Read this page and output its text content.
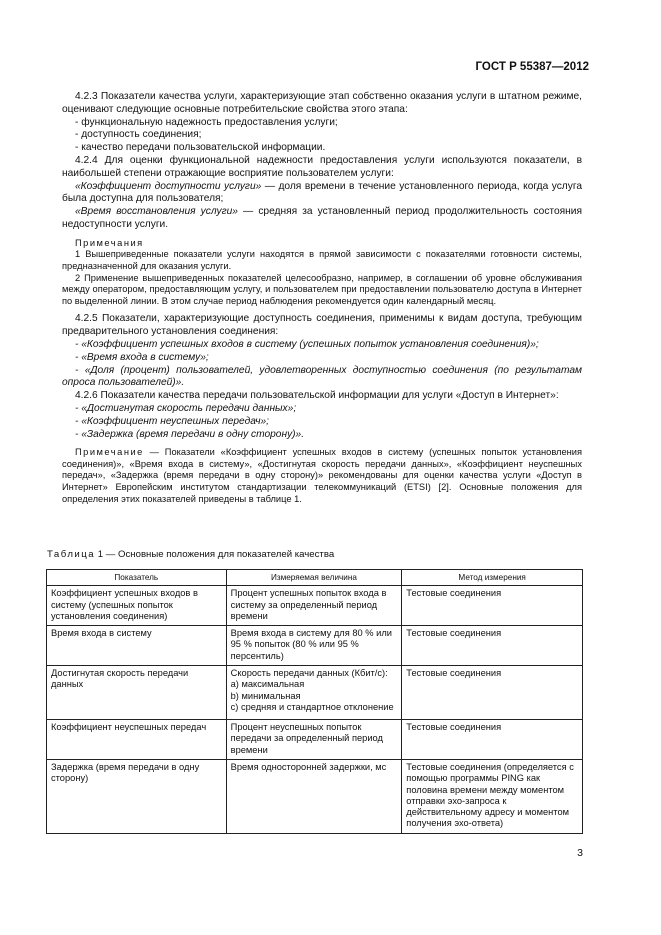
ГОСТ Р 55387—2012

4.2.3 Показатели качества услуги, характеризующие этап собственно оказания услуги в штатном режиме, оценивают следующие основные потребительские свойства этого этапа:

- функциональную надежность предоставления услуги;

- доступность соединения;

- качество передачи пользовательской информации.

4.2.4 Для оценки функциональной надежности предоставления услуги используются показатели, в наибольшей степени отражающие восприятие пользователем услуги:

«Коэффициент доступности услуги» — доля времени в течение установленного периода, когда услуга была доступна для пользователя;

«Время восстановления услуги» — средняя за установленный период продолжительность состояния недоступности услуги.

Примечания

1 Вышеприведенные показатели услуги находятся в прямой зависимости с показателями готовности системы, предназначенной для оказания услуги.

2 Применение вышеприведенных показателей целесообразно, например, в соглашении об уровне обслуживания между оператором, предоставляющим услугу, и пользователем при предоставлении пользователю доступа в Интернет по выделенной линии. В этом случае период наблюдения рекомендуется один календарный месяц.

4.2.5 Показатели, характеризующие доступность соединения, применимы к видам доступа, требующим предварительного установления соединения:

- «Коэффициент успешных входов в систему (успешных попыток установления соединения)»;

- «Время входа в систему»;

- «Доля (процент) пользователей, удовлетворенных доступностью соединения (по результатам опроса пользователей)».

4.2.6 Показатели качества передачи пользовательской информации для услуги «Доступ в Интернет»:

- «Достигнутая скорость передачи данных»;

- «Коэффициент неуспешных передач»;

- «Задержка (время передачи в одну сторону)».

Примечание — Показатели «Коэффициент успешных входов в систему (успешных попыток установления соединения)», «Время входа в систему», «Достигнутая скорость передачи данных», «Коэффициент неуспешных передач», «Задержка (время передачи в одну сторону)» рекомендованы для оценки качества услуги «Доступ в Интернет» Европейским институтом стандартизации телекоммуникаций (ETSI) [2]. Основные положения для определения этих показателей приведены в таблице 1.

Таблица 1 — Основные положения для показателей качества
Показатель	Измеряемая величина	Метод измерения
Коэффициент успешных входов в систему (успешных попыток установления соединения)	Процент успешных попыток входа в систему за определенный период времени	Тестовые соединения
Время входа в систему	Время входа в систему для 80 % или 95 % попыток (80 % или 95 % персентиль)	Тестовые соединения
Достигнутая скорость передачи данных	Скорость передачи данных (Кбит/с):
а) максимальная
b) минимальная
с) средняя и стандартное отклонение	Тестовые соединения
Коэффициент неуспешных передач	Процент неуспешных попыток передачи за определенный период времени	Тестовые соединения
Задержка (время передачи в одну сторону)	Время односторонней задержки, мс	Тестовые соединения (определяется с помощью программы PING как половина времени между моментом отправки эхо-запроса к действительному адресу и моментом получения эхо-ответа)
3
